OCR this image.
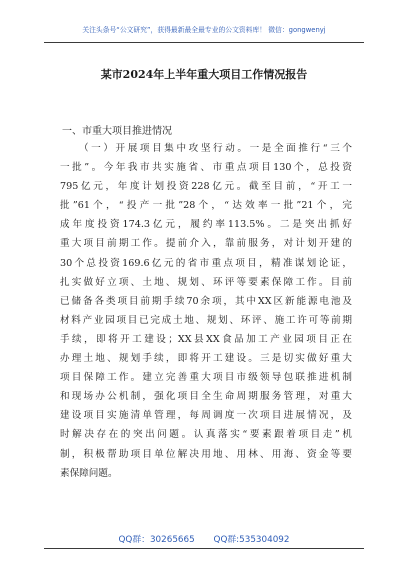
关注头条号“公文研究”，获得最新最全最专业的公文资料库！ 微信：gongwenyj
某市2024年上半年重大项目工作情况报告
一、市重大项目推进情况
（一）开展项目集中攻坚行动。一是全面推行“三个
一批”。今年我市共实施省、市重点项目130个，总投资
795亿元，年度计划投资228亿元。截至目前，“开工一
批”61个，“投产一批”28个，“达效率一批”21个，完
成年度投资174.3亿元，履约率113.5%。二是突出抓好
重大项目前期工作。提前介入，靠前服务，对计划开建的
30个总投资169.6亿元的省市重点项目，精准谋划论证，
扎实做好立项、土地、规划、环评等要素保障工作。目前
已储备各类项目前期手续70余项，其中XX区新能源电池及
材料产业园项目已完成土地、规划、环评、施工许可等前期
手续，即将开工建设；XX县XX食品加工产业园项目正在
办理土地、规划手续，即将开工建设。三是切实做好重大
项目保障工作。建立完善重大项目市级领导包联推进机制
和现场办公机制，强化项目全生命周期服务管理，对重大
建设项目实施清单管理，每周调度一次项目进展情况，及
时解决存在的突出问题。认真落实“要素跟着项目走”机
制，积极帮助项目单位解决用地、用林、用海、资金等要
素保障问题。
QQ群：30265665 QQ群:535304092
